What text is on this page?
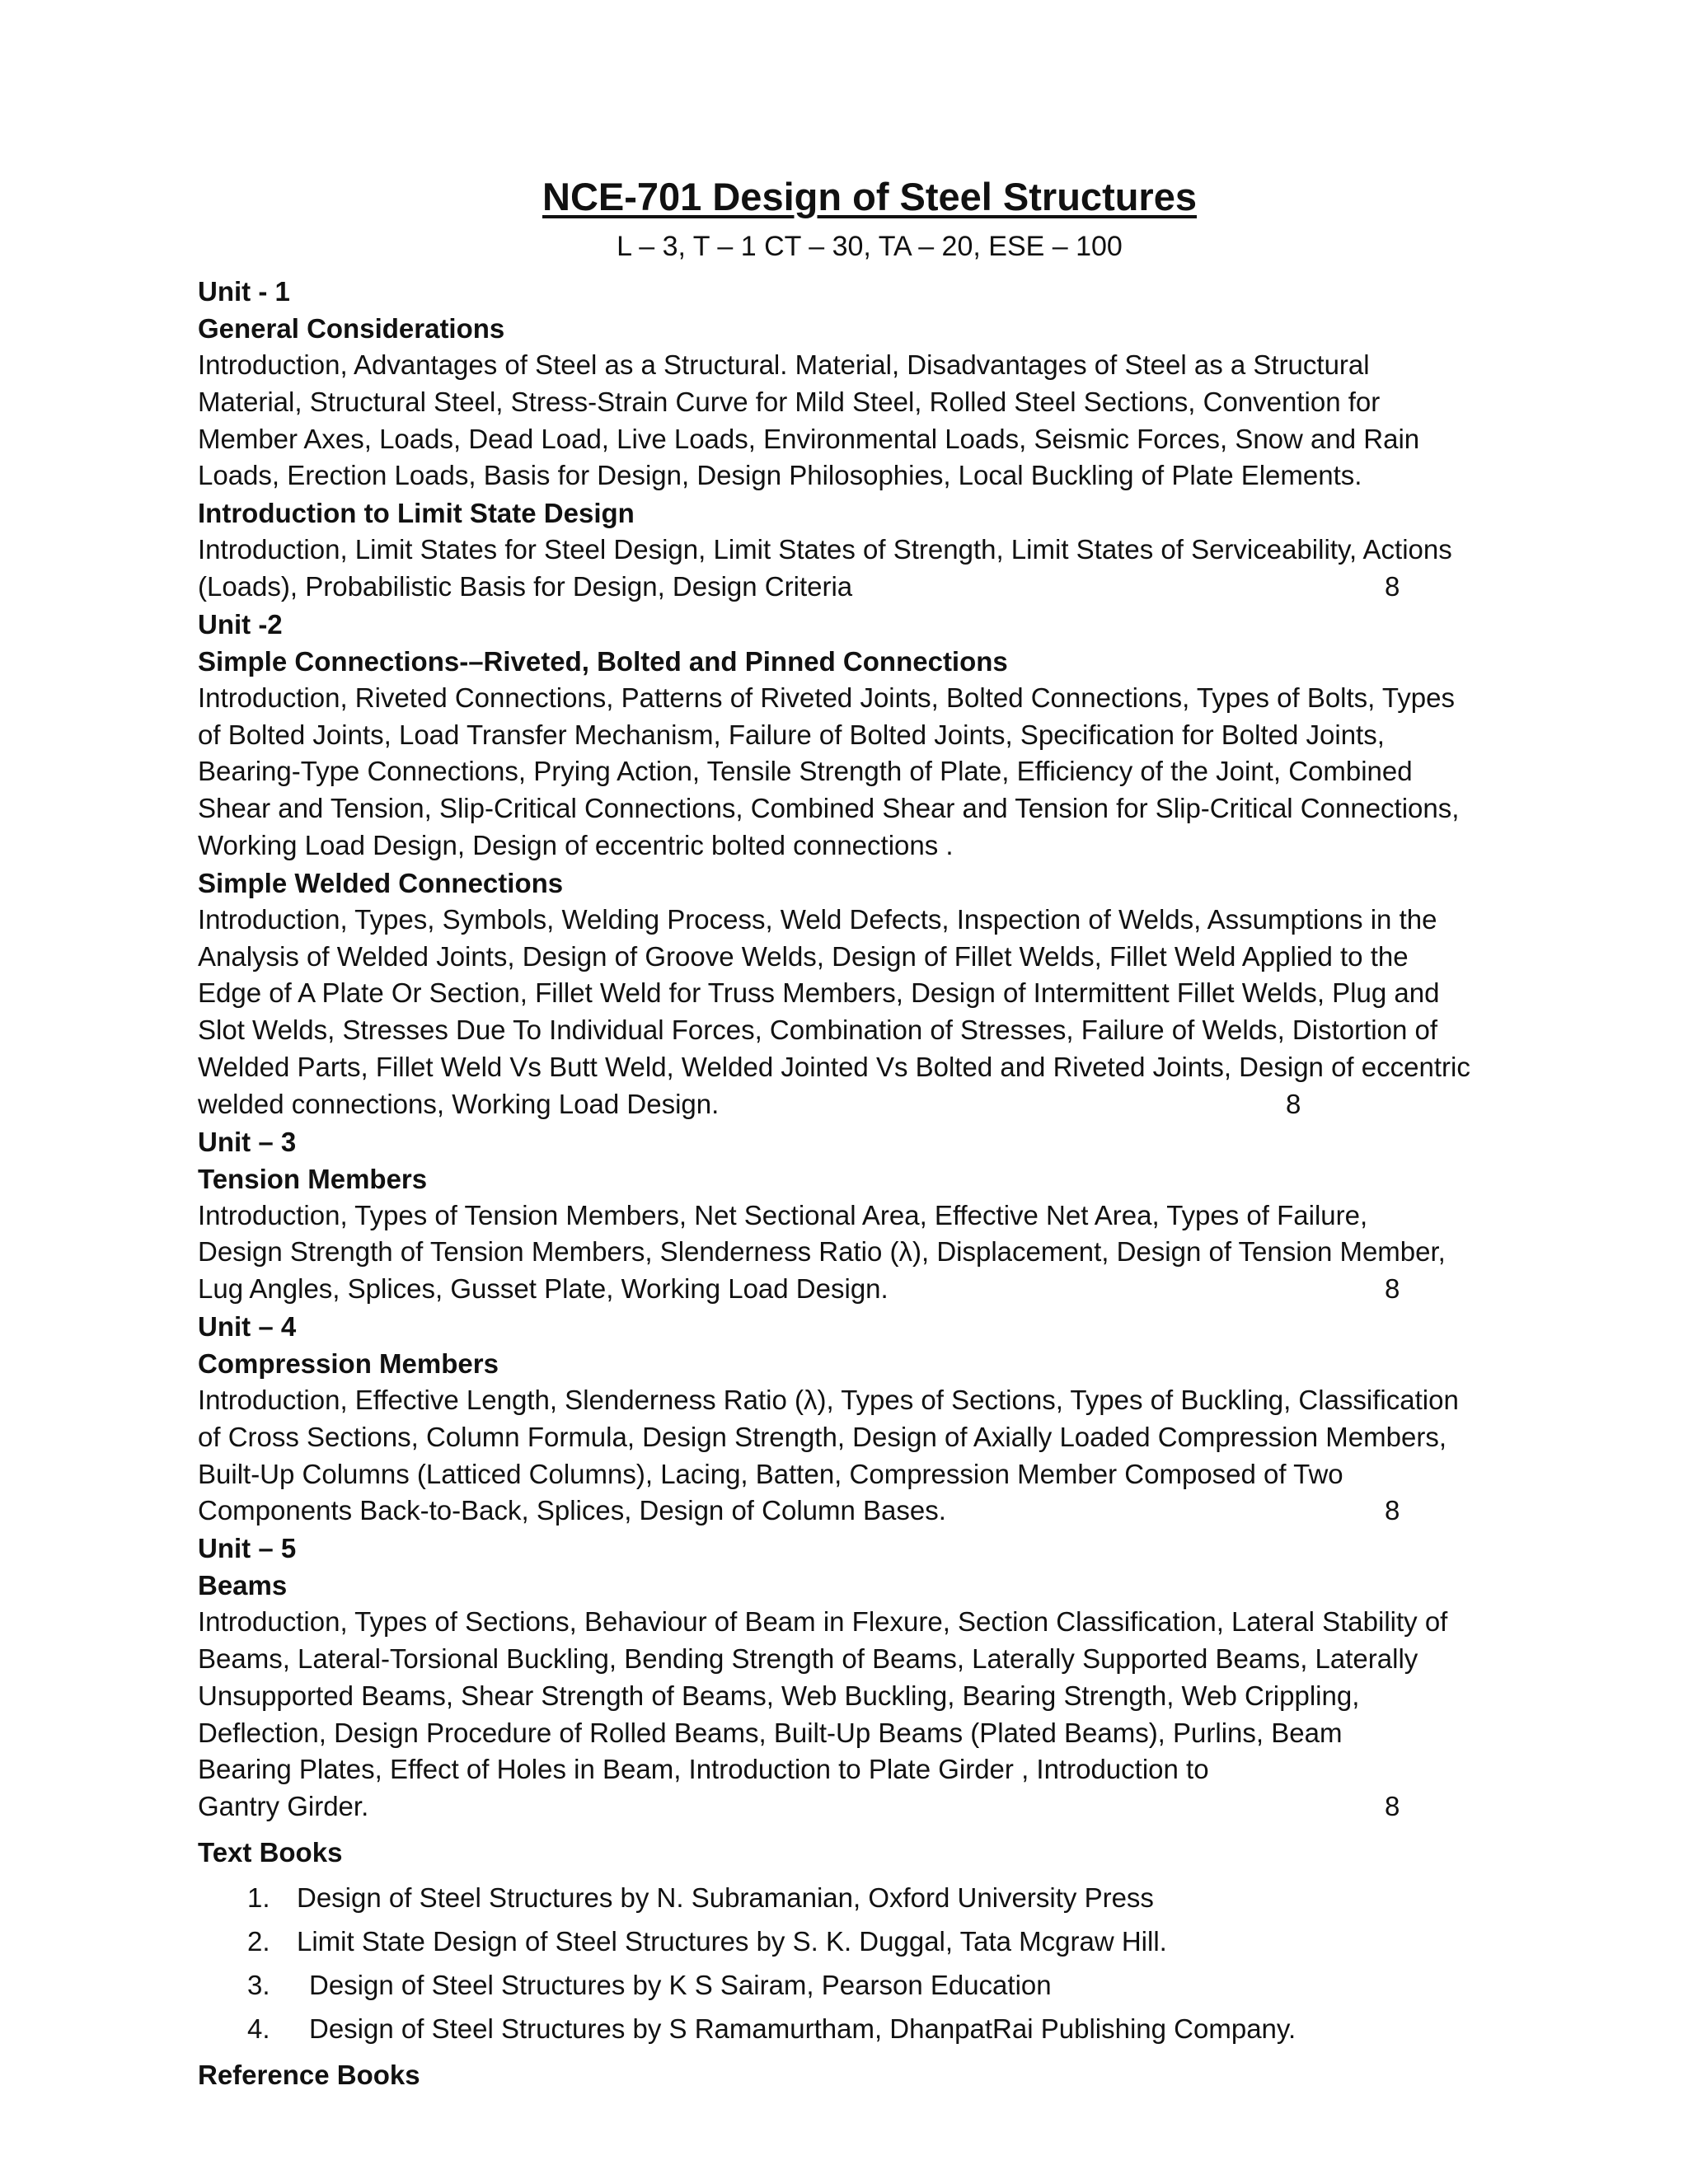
NCE-701 Design of Steel Structures

L – 3, T – 1 CT – 30, TA – 20, ESE – 100

Unit - 1

General Considerations

Introduction, Advantages of Steel as a Structural. Material, Disadvantages of Steel as a Structural
Material, Structural Steel, Stress-Strain Curve for Mild Steel, Rolled Steel Sections, Convention for
Member Axes, Loads, Dead Load, Live Loads, Environmental Loads, Seismic Forces, Snow and Rain
Loads, Erection Loads, Basis for Design, Design Philosophies, Local Buckling of Plate Elements.

Introduction to Limit State Design

Introduction, Limit States for Steel Design, Limit States of Strength, Limit States of Serviceability, Actions
(Loads), Probabilistic Basis for Design, Design Criteria	8

Unit -2

Simple Connections-–Riveted, Bolted and Pinned Connections

Introduction, Riveted Connections, Patterns of Riveted Joints, Bolted Connections, Types of Bolts, Types
of Bolted Joints, Load Transfer Mechanism, Failure of Bolted Joints, Specification for Bolted Joints,
Bearing-Type Connections, Prying Action, Tensile Strength of Plate, Efficiency of the Joint, Combined
Shear and Tension, Slip-Critical Connections, Combined Shear and Tension for Slip-Critical Connections,
Working Load Design, Design of eccentric bolted connections .

Simple Welded Connections

Introduction, Types, Symbols, Welding Process, Weld Defects, Inspection of Welds, Assumptions in the
Analysis of Welded Joints, Design of Groove Welds, Design of Fillet Welds, Fillet Weld Applied to the
Edge of A Plate Or Section, Fillet Weld for Truss Members, Design of Intermittent Fillet Welds, Plug and
Slot Welds, Stresses Due To Individual Forces, Combination of Stresses, Failure of Welds, Distortion of
Welded Parts, Fillet Weld Vs Butt Weld, Welded Jointed Vs Bolted and Riveted Joints, Design of eccentric
welded connections, Working Load Design.	8

Unit – 3

Tension Members

Introduction, Types of Tension Members, Net Sectional Area, Effective Net Area, Types of Failure,
Design Strength of Tension Members, Slenderness Ratio (λ), Displacement, Design of Tension Member,
Lug Angles, Splices, Gusset Plate, Working Load Design.	8

Unit – 4

Compression Members

Introduction, Effective Length, Slenderness Ratio (λ), Types of Sections, Types of Buckling, Classification
of Cross Sections, Column Formula, Design Strength, Design of Axially Loaded Compression Members,
Built-Up Columns (Latticed Columns), Lacing, Batten, Compression Member Composed of Two
Components Back-to-Back, Splices, Design of Column Bases.	8

Unit – 5

Beams

Introduction, Types of Sections, Behaviour of Beam in Flexure, Section Classification, Lateral Stability of
Beams, Lateral-Torsional Buckling, Bending Strength of Beams, Laterally Supported Beams, Laterally
Unsupported Beams, Shear Strength of Beams, Web Buckling, Bearing Strength, Web Crippling,
Deflection, Design Procedure of Rolled Beams, Built-Up Beams (Plated Beams), Purlins, Beam
Bearing Plates, Effect of Holes in Beam, Introduction to Plate Girder , Introduction to
Gantry Girder.	8

Text Books

1. Design of Steel Structures by N. Subramanian, Oxford University Press
2. Limit State Design of Steel Structures by S. K. Duggal, Tata Mcgraw Hill.
3. Design of Steel Structures by K S Sairam, Pearson Education
4. Design of Steel Structures by S Ramamurtham, DhanpatRai Publishing Company.

Reference Books
